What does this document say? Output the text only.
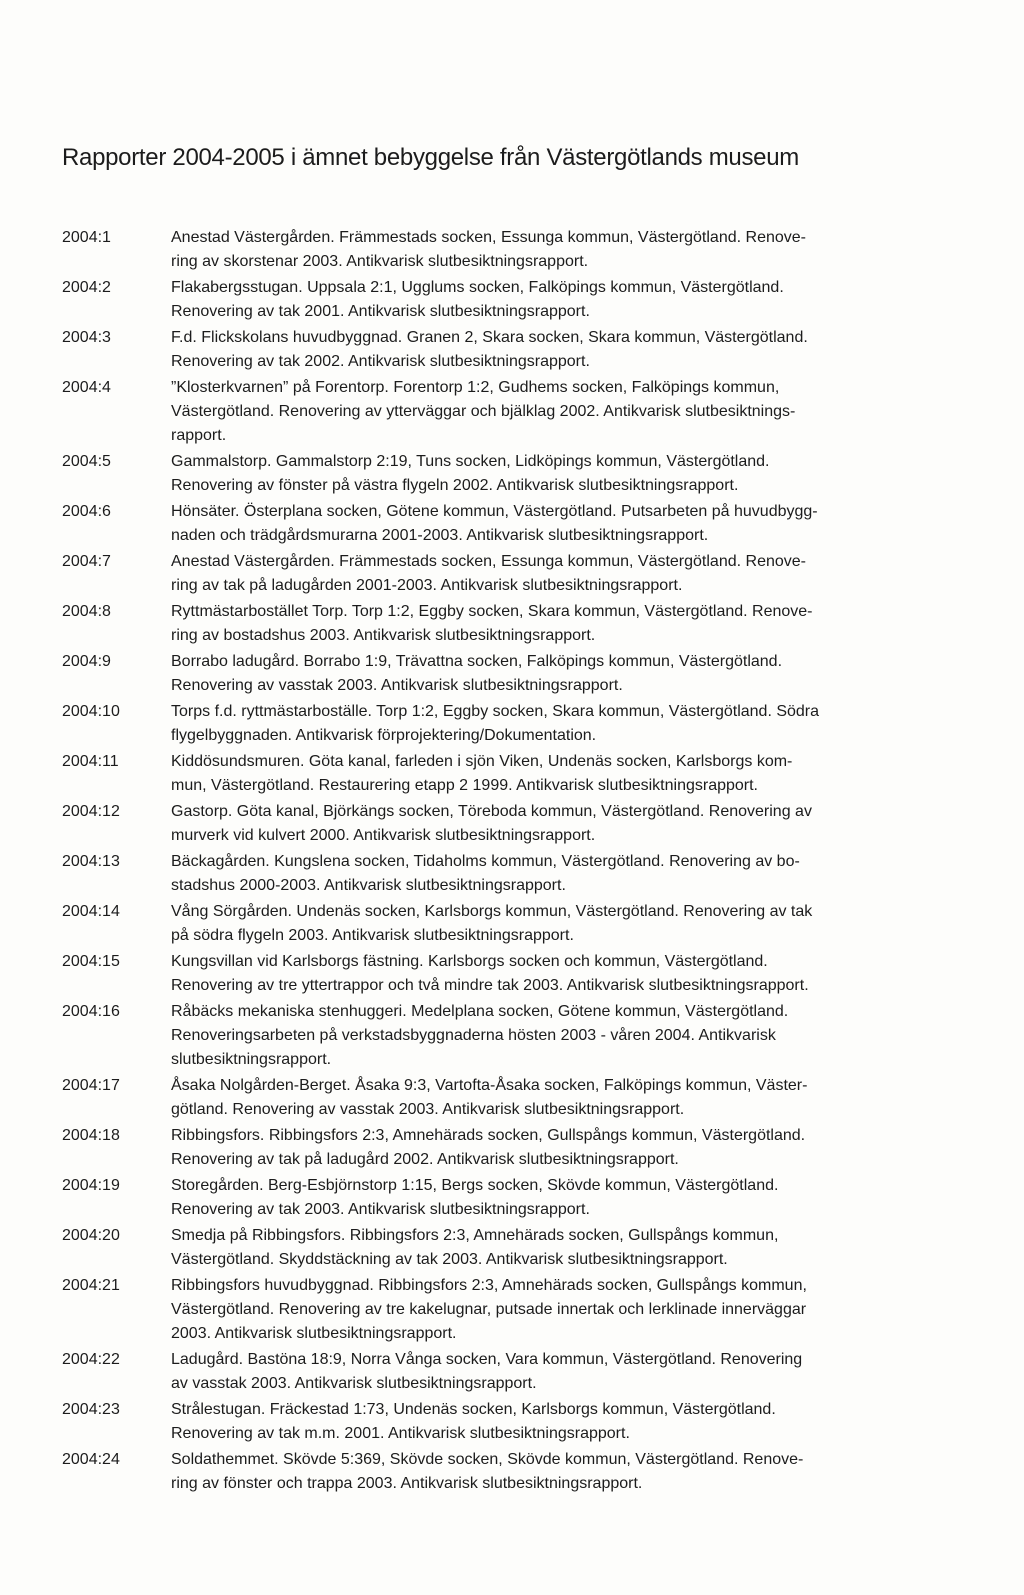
Rapporter 2004-2005 i ämnet bebyggelse från Västergötlands museum
2004:1	Anestad Västergården. Främmestads socken, Essunga kommun, Västergötland. Renove-
ring av skorstenar 2003. Antikvarisk slutbesiktningsrapport.
2004:2	Flakabergsstugan. Uppsala 2:1, Ugglums socken, Falköpings kommun, Västergötland.
Renovering av tak 2001. Antikvarisk slutbesiktningsrapport.
2004:3	F.d. Flickskolans huvudbyggnad. Granen 2, Skara socken, Skara kommun, Västergötland.
Renovering av tak 2002. Antikvarisk slutbesiktningsrapport.
2004:4	”Klosterkvarnen” på Forentorp. Forentorp 1:2, Gudhems socken, Falköpings kommun,
Västergötland. Renovering av ytterväggar och bjälklag 2002. Antikvarisk slutbesiktnings-
rapport.
2004:5	Gammalstorp. Gammalstorp 2:19, Tuns socken, Lidköpings kommun, Västergötland.
Renovering av fönster på västra flygeln 2002. Antikvarisk slutbesiktningsrapport.
2004:6	Hönsäter. Österplana socken, Götene kommun, Västergötland. Putsarbeten på huvudbygg-
naden och trädgårdsmurarna 2001-2003. Antikvarisk slutbesiktningsrapport.
2004:7	Anestad Västergården. Främmestads socken, Essunga kommun, Västergötland. Renove-
ring av tak på ladugården 2001-2003. Antikvarisk slutbesiktningsrapport.
2004:8	Ryttmästarbostället Torp. Torp 1:2, Eggby socken, Skara kommun, Västergötland. Renove-
ring av bostadshus 2003. Antikvarisk slutbesiktningsrapport.
2004:9	Borrabo ladugård. Borrabo 1:9, Trävattna socken, Falköpings kommun, Västergötland.
Renovering av vasstak 2003. Antikvarisk slutbesiktningsrapport.
2004:10	Torps f.d. ryttmästarboställe. Torp 1:2, Eggby socken, Skara kommun, Västergötland. Södra
flygelbyggnaden. Antikvarisk förprojektering/Dokumentation.
2004:11	Kiddösundsmuren. Göta kanal, farleden i sjön Viken, Undenäs socken, Karlsborgs kom-
mun, Västergötland. Restaurering etapp 2 1999. Antikvarisk slutbesiktningsrapport.
2004:12	Gastorp. Göta kanal, Björkängs socken, Töreboda kommun, Västergötland. Renovering av
murverk vid kulvert 2000. Antikvarisk slutbesiktningsrapport.
2004:13	Bäckagården. Kungslena socken, Tidaholms kommun, Västergötland. Renovering av bo-
stadshus 2000-2003. Antikvarisk slutbesiktningsrapport.
2004:14	Vång Sörgården. Undenäs socken, Karlsborgs kommun, Västergötland. Renovering av tak
på södra flygeln 2003. Antikvarisk slutbesiktningsrapport.
2004:15	Kungsvillan vid Karlsborgs fästning. Karlsborgs socken och kommun, Västergötland.
Renovering av tre yttertrappor och två mindre tak 2003. Antikvarisk slutbesiktningsrapport.
2004:16	Råbäcks mekaniska stenhuggeri. Medelplana socken, Götene kommun, Västergötland.
Renoveringsarbeten på verkstadsbyggnaderna hösten 2003 - våren 2004. Antikvarisk
slutbesiktningsrapport.
2004:17	Åsaka Nolgården-Berget. Åsaka 9:3, Vartofta-Åsaka socken, Falköpings kommun, Väster-
götland. Renovering av vasstak 2003. Antikvarisk slutbesiktningsrapport.
2004:18	Ribbingsfors. Ribbingsfors 2:3, Amnehärads socken, Gullspångs kommun, Västergötland.
Renovering av tak på ladugård 2002. Antikvarisk slutbesiktningsrapport.
2004:19	Storegården. Berg-Esbjörnstorp 1:15, Bergs socken, Skövde kommun, Västergötland.
Renovering av tak 2003. Antikvarisk slutbesiktningsrapport.
2004:20	Smedja på Ribbingsfors. Ribbingsfors 2:3, Amnehärads socken, Gullspångs kommun,
Västergötland. Skyddstäckning av tak 2003. Antikvarisk slutbesiktningsrapport.
2004:21	Ribbingsfors huvudbyggnad. Ribbingsfors 2:3, Amnehärads socken, Gullspångs kommun,
Västergötland. Renovering av tre kakelugnar, putsade innertak och lerklinade innerväggar
2003. Antikvarisk slutbesiktningsrapport.
2004:22	Ladugård. Bastöna 18:9, Norra Vånga socken, Vara kommun, Västergötland. Renovering
av vasstak 2003. Antikvarisk slutbesiktningsrapport.
2004:23	Strålestugan. Fräckestad 1:73, Undenäs socken, Karlsborgs kommun, Västergötland.
Renovering av tak m.m. 2001. Antikvarisk slutbesiktningsrapport.
2004:24	Soldathemmet. Skövde 5:369, Skövde socken, Skövde kommun, Västergötland. Renove-
ring av fönster och trappa 2003. Antikvarisk slutbesiktningsrapport.
